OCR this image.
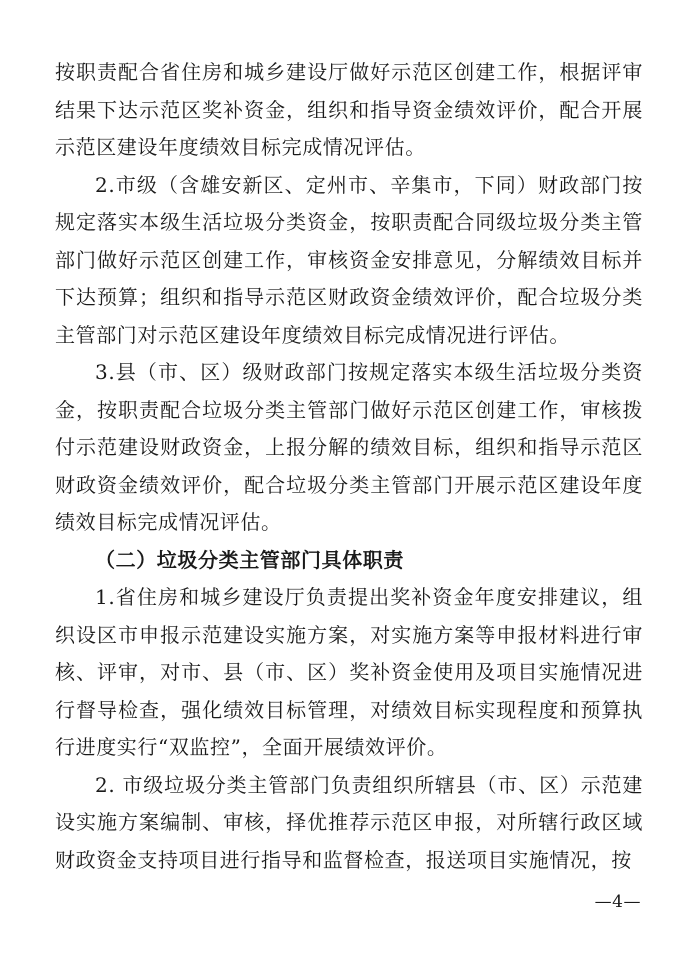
按职责配合省住房和城乡建设厅做好示范区创建工作，根据评审结果下达示范区奖补资金，组织和指导资金绩效评价，配合开展示范区建设年度绩效目标完成情况评估。

2.市级（含雄安新区、定州市、辛集市，下同）财政部门按规定落实本级生活垃圾分类资金，按职责配合同级垃圾分类主管部门做好示范区创建工作，审核资金安排意见，分解绩效目标并下达预算；组织和指导示范区财政资金绩效评价，配合垃圾分类主管部门对示范区建设年度绩效目标完成情况进行评估。

3.县（市、区）级财政部门按规定落实本级生活垃圾分类资金，按职责配合垃圾分类主管部门做好示范区创建工作，审核拨付示范建设财政资金，上报分解的绩效目标，组织和指导示范区财政资金绩效评价，配合垃圾分类主管部门开展示范区建设年度绩效目标完成情况评估。

（二）垃圾分类主管部门具体职责

1.省住房和城乡建设厅负责提出奖补资金年度安排建议，组织设区市申报示范建设实施方案，对实施方案等申报材料进行审核、评审，对市、县（市、区）奖补资金使用及项目实施情况进行督导检查，强化绩效目标管理，对绩效目标实现程度和预算执行进度实行“双监控”，全面开展绩效评价。

2. 市级垃圾分类主管部门负责组织所辖县（市、区）示范建设实施方案编制、审核，择优推荐示范区申报，对所辖行政区域财政资金支持项目进行指导和监督检查，报送项目实施情况，按

—4—
